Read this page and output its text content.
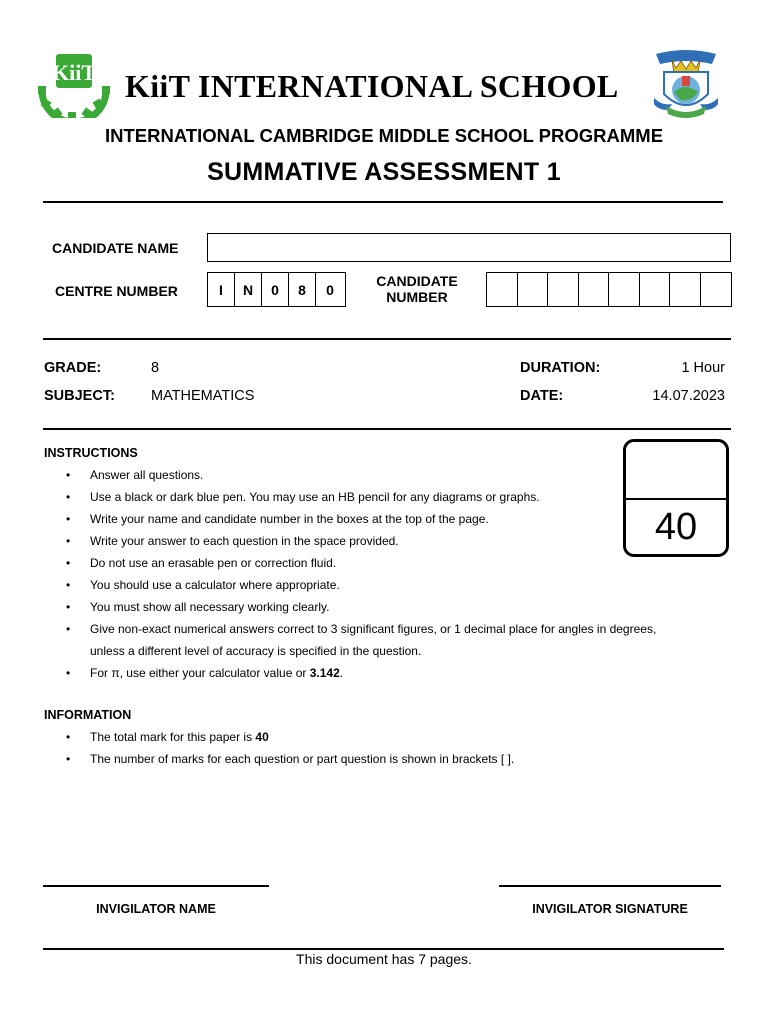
KiiT KiiT INTERNATIONAL SCHOOL
INTERNATIONAL CAMBRIDGE MIDDLE SCHOOL PROGRAMME
SUMMATIVE ASSESSMENT 1
CANDIDATE NAME
CENTRE NUMBER	I	N	0	8	0
CANDIDATE
NUMBER
GRADE:	8
SUBJECT: MATHEMATICS
DURATION:	1 Hour
DATE:	14.07.2023
INSTRUCTIONS
• Answer all questions.
• Use a black or dark blue pen. You may use an HB pencil for any diagrams or graphs.
• Write your name and candidate number in the boxes at the top of the page.
• Write your answer to each question in the space provided.
• Do not use an erasable pen or correction fluid.
• You should use a calculator where appropriate.
• You must show all necessary working clearly.
• Give non-exact numerical answers correct to 3 significant figures, or 1 decimal place for angles in degrees,
unless a different level of accuracy is specified in the question.
• For π, use either your calculator value or 3.142.
40
INFORMATION
• The total mark for this paper is 40
• The number of marks for each question or part question is shown in brackets [ ].
INVIGILATOR NAME	INVIGILATOR SIGNATURE
This document has 7 pages.
